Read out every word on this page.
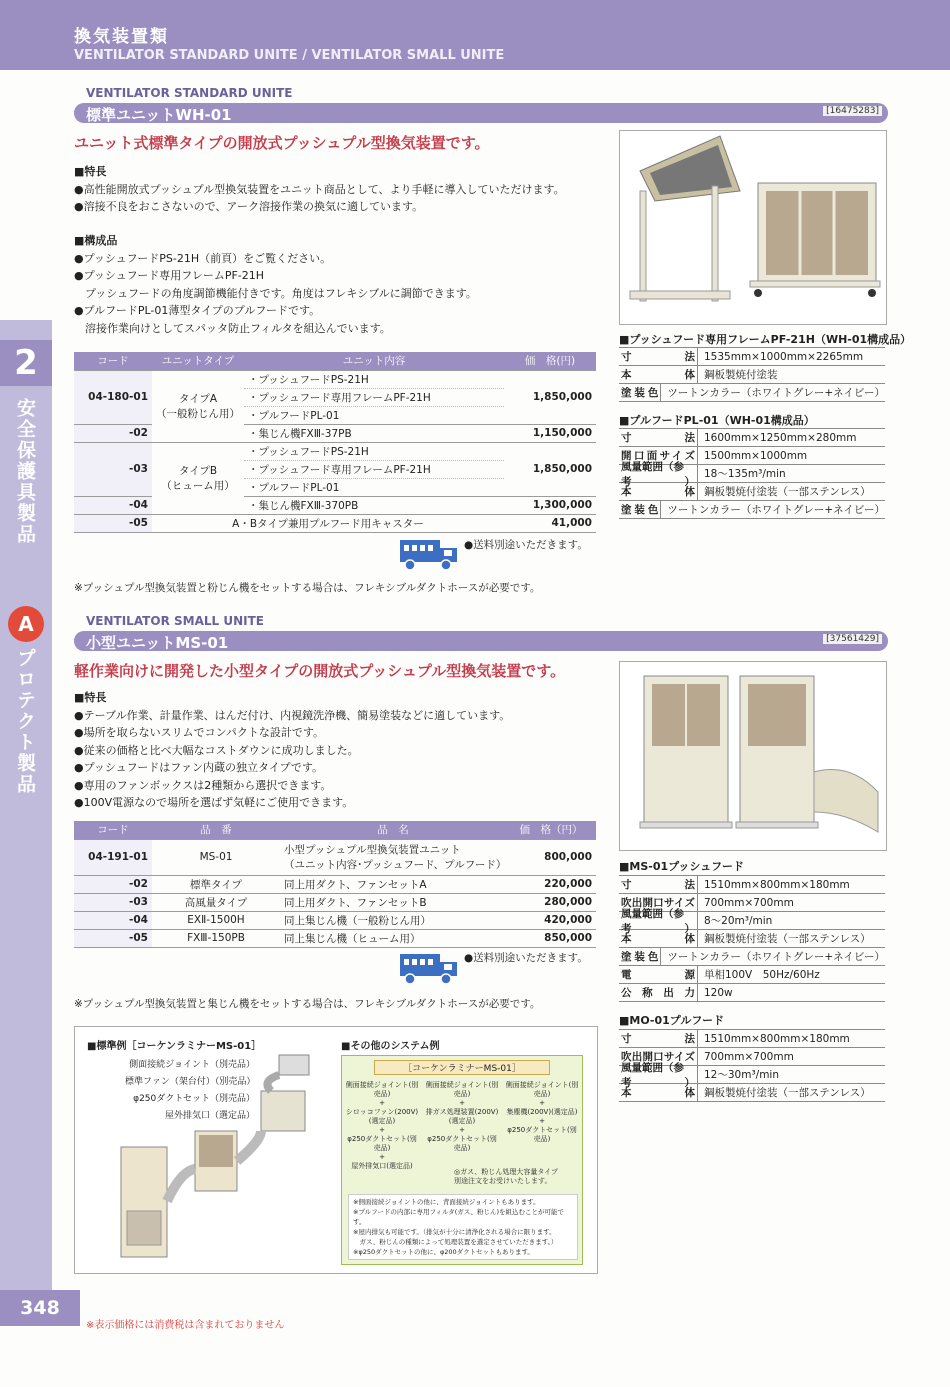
換気装置類
VENTILATOR STANDARD UNITE / VENTILATOR SMALL UNITE
2
安全保護具製品
A
プロテクト製品
VENTILATOR STANDARD UNITE
標準ユニットWH-01	[16475283]
ユニット式標準タイプの開放式プッシュプル型換気装置です。
■特長
●高性能開放式プッシュプル型換気装置をユニット商品として、より手軽に導入していただけます。
●溶接不良をおこさないので、アーク溶接作業の換気に適しています。
■構成品
●プッシュフードPS-21H（前頁）をご覧ください。
●プッシュフード専用フレームPF-21H
　プッシュフードの角度調節機能付きです。角度はフレキシブルに調節できます。
●プルフードPL-01薄型タイプのプルフードです。
　溶接作業向けとしてスパッタ防止フィルタを組込んでいます。
コード	ユニットタイプ	ユニット内容	価　格(円)
04-180-01	タイプA
（一般粉じん用）	・プッシュフードPS-21H	1,850,000
		・プッシュフード専用フレームPF-21H	
		・プルフードPL-01	
-02		・集じん機FXⅢ-37PB	1,150,000
-03	タイプB
（ヒューム用）	・プッシュフードPS-21H	1,850,000
		・プッシュフード専用フレームPF-21H	
		・プルフードPL-01	
-04		・集じん機FXⅢ-370PB	1,300,000
-05	A・Bタイプ兼用プルフード用キャスター		41,000
●送料別途いただきます。
※プッシュプル型換気装置と粉じん機をセットする場合は、フレキシブルダクトホースが必要です。
■プッシュフード専用フレームPF-21H（WH-01構成品）
寸法 1535mm×1000mm×2265mm
本体 鋼板製焼付塗装
塗装色 ツートンカラー（ホワイトグレー+ネイビー）
■プルフードPL-01（WH-01構成品）
寸法 1600mm×1250mm×280mm
開口面サイズ 1500mm×1000mm
風量範囲（参考）
18～135m³/min
本体 鋼板製焼付塗装（一部ステンレス）
塗装色 ツートンカラー（ホワイトグレー+ネイビー）
VENTILATOR SMALL UNITE
小型ユニットMS-01	[37561429]
軽作業向けに開発した小型タイプの開放式プッシュプル型換気装置です。
■特長
●テーブル作業、計量作業、はんだ付け、内視鏡洗浄機、簡易塗装などに適しています。
●場所を取らないスリムでコンパクトな設計です。
●従来の価格と比べ大幅なコストダウンに成功しました。
●プッシュフードはファン内蔵の独立タイプです。
●専用のファンボックスは2種類から選択できます。
●100V電源なので場所を選ばず気軽にご使用できます。
コード	品　番	品　名	価　格（円）
04-191-01	MS-01	小型プッシュプル型換気装置ユニット
（ユニット内容･プッシュフード、プルフード）	800,000
-02	標準タイプ	同上用ダクト、ファンセットA	220,000
-03	高風量タイプ	同上用ダクト、ファンセットB	280,000
-04	EXⅡ-1500H	同上集じん機（一般粉じん用）	420,000
-05	FXⅢ-150PB	同上集じん機（ヒューム用）	850,000
●送料別途いただきます。
※プッシュプル型換気装置と集じん機をセットする場合は、フレキシブルダクトホースが必要です。
■MS-01プッシュフード
寸法 1510mm×800mm×180mm
吹出開口サイズ 700mm×700mm
風量範囲（参考）
8～20m³/min
本体 鋼板製焼付塗装（一部ステンレス）
塗装色 ツートンカラー（ホワイトグレー+ネイビー）
電源 単相100V　50Hz/60Hz
公称出力 120w
■MO-01プルフード
寸法 1510mm×800mm×180mm
吹出開口サイズ 700mm×700mm
風量範囲（参考）
12～30m³/min
本体 鋼板製焼付塗装（一部ステンレス）
■標準例［コーケンラミナーMS-01］
側面接続ジョイント（別売品）
標準ファン（架台付）（別売品）
φ250ダクトセット（別売品）
屋外排気口（選定品）
■その他のシステム例
［コーケンラミナーMS-01］
側面接続ジョイント(別売品)
+
シロッコファン(200V)(選定品)
+
φ250ダクトセット(別売品)
+
屋外排気口(選定品)
側面接続ジョイント(別売品)
+
排ガス処理装置(200V)(選定品)
+
φ250ダクトセット(別売品)
側面接続ジョイント(別売品)
+
集塵機(200V)(選定品)
+
φ250ダクトセット(別売品)
◎ガス、粉じん処理大容量タイプ別途注文をお受けいたします。
※側面接続ジョイントの他に、背面接続ジョイントもあります。
※プルフードの内部に専用フィルタ(ガス、粉じん)を組込むことが可能です。
※屋内排気も可能です。（排気が十分に清浄化される場合に限ります。
　ガス、粉じんの種類によって処理装置を選定させていただきます。）
※φ250ダクトセットの他に、φ200ダクトセットもあります。
348
※表示価格には消費税は含まれておりません
